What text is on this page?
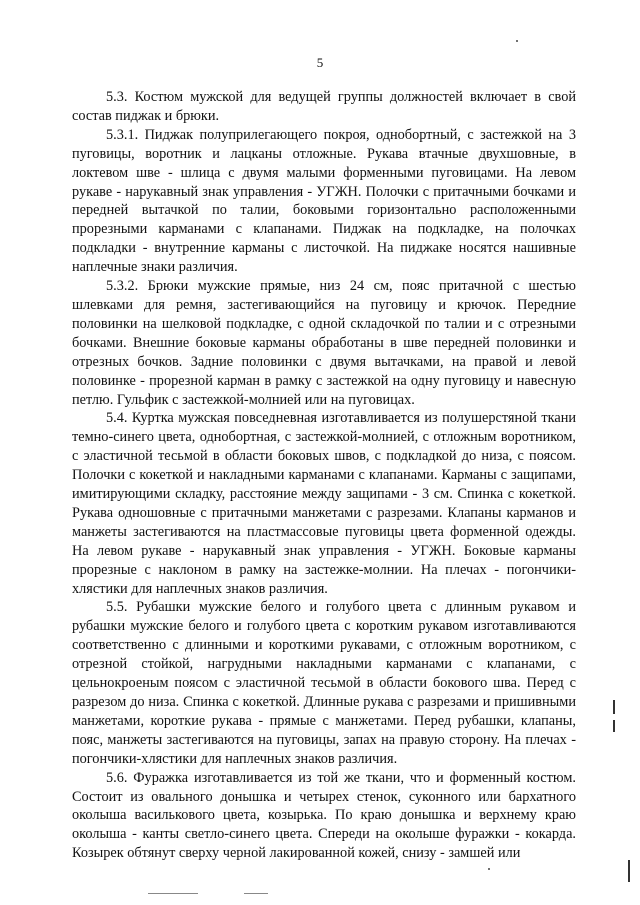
5

5.3. Костюм мужской для ведущей группы должностей включает в свой состав пиджак и брюки.

5.3.1. Пиджак полуприлегающего покроя, однобортный, с застежкой на 3 пуговицы, воротник и лацканы отложные. Рукава втачные двухшовные, в локтевом шве - шлица с двумя малыми форменными пуговицами. На левом рукаве - нарукавный знак управления - УГЖН. Полочки с притачными бочками и передней вытачкой по талии, боковыми горизонтально расположенными прорезными карманами с клапанами. Пиджак на подкладке, на полочках подкладки - внутренние карманы с листочкой. На пиджаке носятся нашивные наплечные знаки различия.

5.3.2. Брюки мужские прямые, низ 24 см, пояс притачной с шестью шлевками для ремня, застегивающийся на пуговицу и крючок. Передние половинки на шелковой подкладке, с одной складочкой по талии и с отрезными бочками. Внешние боковые карманы обработаны в шве передней половинки и отрезных бочков. Задние половинки с двумя вытачками, на правой и левой половинке - прорезной карман в рамку с застежкой на одну пуговицу и навесную петлю. Гульфик с застежкой-молнией или на пуговицах.

5.4. Куртка мужская повседневная изготавливается из полушерстяной ткани темно-синего цвета, однобортная, с застежкой-молнией, с отложным воротником, с эластичной тесьмой в области боковых швов, с подкладкой до низа, с поясом. Полочки с кокеткой и накладными карманами с клапанами. Карманы с защипами, имитирующими складку, расстояние между защипами - 3 см. Спинка с кокеткой. Рукава одношовные с притачными манжетами с разрезами. Клапаны карманов и манжеты застегиваются на пластмассовые пуговицы цвета форменной одежды. На левом рукаве - нарукавный знак управления - УГЖН. Боковые карманы прорезные с наклоном в рамку на застежке-молнии. На плечах - погончики-хлястики для наплечных знаков различия.

5.5. Рубашки мужские белого и голубого цвета с длинным рукавом и рубашки мужские белого и голубого цвета с коротким рукавом изготавливаются соответственно с длинными и короткими рукавами, с отложным воротником, с отрезной стойкой, нагрудными накладными карманами с клапанами, с цельнокроеным поясом с эластичной тесьмой в области бокового шва. Перед с разрезом до низа. Спинка с кокеткой. Длинные рукава с разрезами и пришивными манжетами, короткие рукава - прямые с манжетами. Перед рубашки, клапаны, пояс, манжеты застегиваются на пуговицы, запах на правую сторону. На плечах - погончики-хлястики для наплечных знаков различия.

5.6. Фуражка изготавливается из той же ткани, что и форменный костюм. Состоит из овального донышка и четырех стенок, суконного или бархатного околыша василькового цвета, козырька. По краю донышка и верхнему краю околыша - канты светло-синего цвета. Спереди на околыше фуражки - кокарда. Козырек обтянут сверху черной лакированной кожей, снизу - замшей или
